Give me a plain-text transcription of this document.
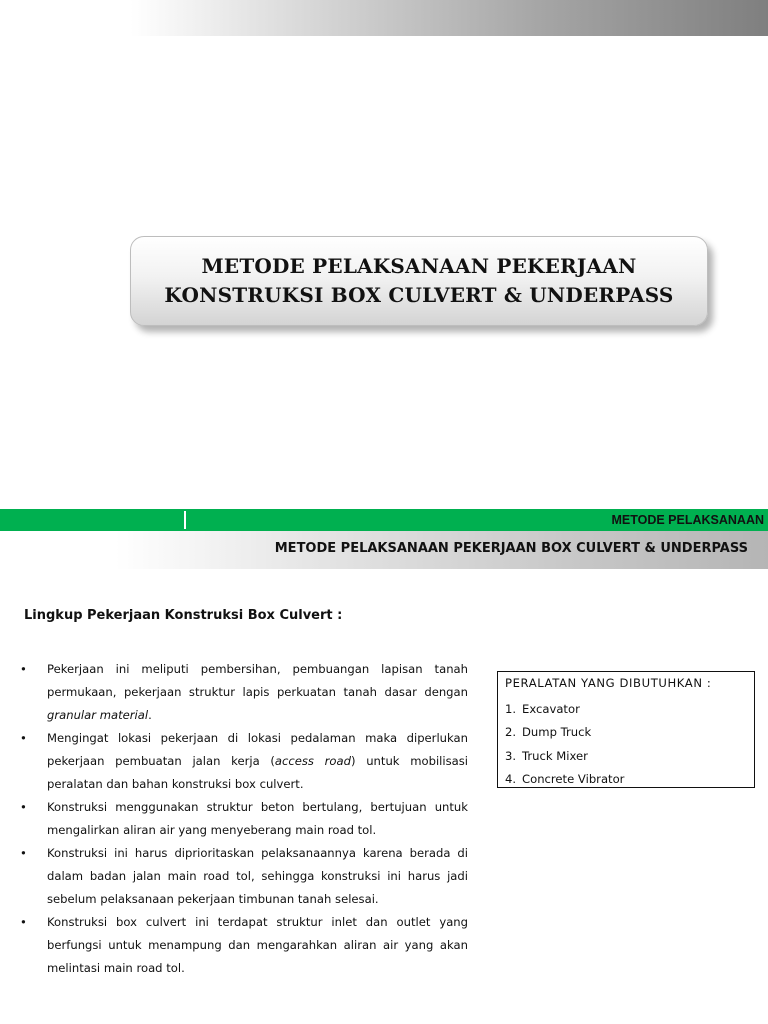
METODE PELAKSANAAN PEKERJAAN
KONSTRUKSI BOX CULVERT & UNDERPASS
METODE PELAKSANAAN
METODE PELAKSANAAN PEKERJAAN BOX CULVERT & UNDERPASS
Lingkup Pekerjaan Konstruksi Box Culvert :
• Pekerjaan ini meliputi pembersihan, pembuangan lapisan tanah permukaan, pekerjaan struktur lapis perkuatan tanah dasar dengan granular material.
• Mengingat lokasi pekerjaan di lokasi pedalaman maka diperlukan pekerjaan pembuatan jalan kerja (access road) untuk mobilisasi peralatan dan bahan konstruksi box culvert.
• Konstruksi menggunakan struktur beton bertulang, bertujuan untuk mengalirkan aliran air yang menyeberang main road tol.
• Konstruksi ini harus diprioritaskan pelaksanaannya karena berada di dalam badan jalan main road tol, sehingga konstruksi ini harus jadi sebelum pelaksanaan pekerjaan timbunan tanah selesai.
• Konstruksi box culvert ini terdapat struktur inlet dan outlet yang berfungsi untuk menampung dan mengarahkan aliran air yang akan melintasi main road tol.
PERALATAN YANG DIBUTUHKAN :
1. Excavator
2. Dump Truck
3. Truck Mixer
4. Concrete Vibrator
